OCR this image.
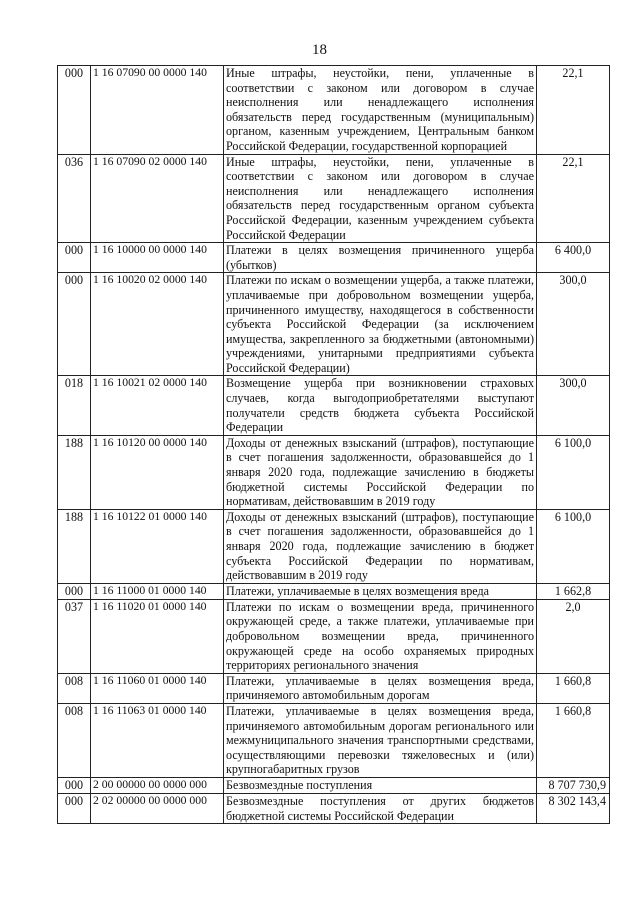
18
000	1 16 07090 00 0000 140	Иные штрафы, неустойки, пени, уплаченные в соответствии с законом или договором в случае неисполнения или ненадлежащего исполнения обязательств перед государственным (муниципальным) органом, казенным учреждением, Центральным банком Российской Федерации, государственной корпорацией	22,1
036	1 16 07090 02 0000 140	Иные штрафы, неустойки, пени, уплаченные в соответствии с законом или договором в случае неисполнения или ненадлежащего исполнения обязательств перед государственным органом субъекта Российской Федерации, казенным учреждением субъекта Российской Федерации	22,1
000	1 16 10000 00 0000 140	Платежи в целях возмещения причиненного ущерба (убытков)	6 400,0
000	1 16 10020 02 0000 140	Платежи по искам о возмещении ущерба, а также платежи, уплачиваемые при добровольном возмещении ущерба, причиненного имуществу, находящегося в собственности субъекта Российской Федерации (за исключением имущества, закрепленного за бюджетными (автономными) учреждениями, унитарными предприятиями субъекта Российской Федерации)	300,0
018	1 16 10021 02 0000 140	Возмещение ущерба при возникновении страховых случаев, когда выгодоприобретателями выступают получатели средств бюджета субъекта Российской Федерации	300,0
188	1 16 10120 00 0000 140	Доходы от денежных взысканий (штрафов), поступающие в счет погашения задолженности, образовавшейся до 1 января 2020 года, подлежащие зачислению в бюджеты бюджетной системы Российской Федерации по нормативам, действовавшим в 2019 году	6 100,0
188	1 16 10122 01 0000 140	Доходы от денежных взысканий (штрафов), поступающие в счет погашения задолженности, образовавшейся до 1 января 2020 года, подлежащие зачислению в бюджет субъекта Российской Федерации по нормативам, действовавшим в 2019 году	6 100,0
000	1 16 11000 01 0000 140	Платежи, уплачиваемые в целях возмещения вреда	1 662,8
037	1 16 11020 01 0000 140	Платежи по искам о возмещении вреда, причиненного окружающей среде, а также платежи, уплачиваемые при добровольном возмещении вреда, причиненного окружающей среде на особо охраняемых природных территориях регионального значения	2,0
008	1 16 11060 01 0000 140	Платежи, уплачиваемые в целях возмещения вреда, причиняемого автомобильным дорогам	1 660,8
008	1 16 11063 01 0000 140	Платежи, уплачиваемые в целях возмещения вреда, причиняемого автомобильным дорогам регионального или межмуниципального значения транспортными средствами, осуществляющими перевозки тяжеловесных и (или) крупногабаритных грузов	1 660,8
000	2 00 00000 00 0000 000	Безвозмездные поступления	8 707 730,9
000	2 02 00000 00 0000 000	Безвозмездные поступления от других бюджетов бюджетной системы Российской Федерации	8 302 143,4
